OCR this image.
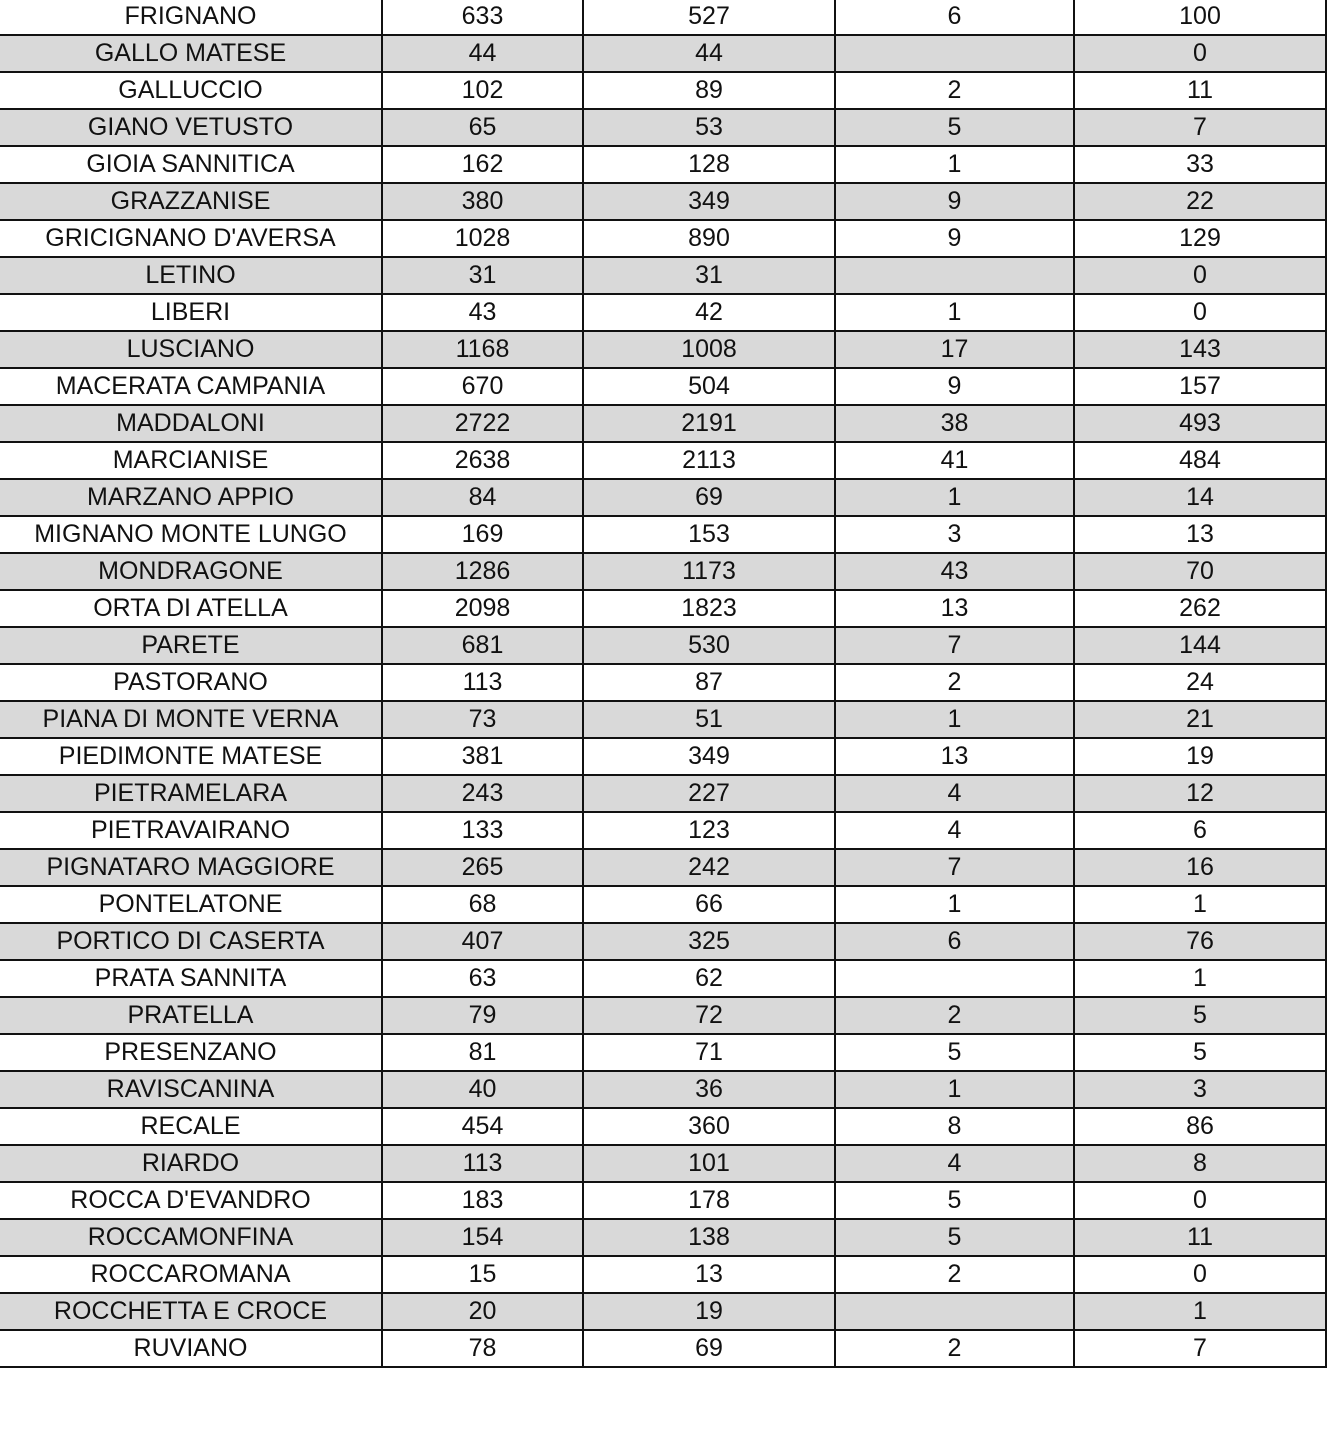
FRIGNANO	633	527	6	100
GALLO MATESE	44	44		0
GALLUCCIO	102	89	2	11
GIANO VETUSTO	65	53	5	7
GIOIA SANNITICA	162	128	1	33
GRAZZANISE	380	349	9	22
GRICIGNANO D'AVERSA	1028	890	9	129
LETINO	31	31		0
LIBERI	43	42	1	0
LUSCIANO	1168	1008	17	143
MACERATA CAMPANIA	670	504	9	157
MADDALONI	2722	2191	38	493
MARCIANISE	2638	2113	41	484
MARZANO APPIO	84	69	1	14
MIGNANO MONTE LUNGO	169	153	3	13
MONDRAGONE	1286	1173	43	70
ORTA DI ATELLA	2098	1823	13	262
PARETE	681	530	7	144
PASTORANO	113	87	2	24
PIANA DI MONTE VERNA	73	51	1	21
PIEDIMONTE MATESE	381	349	13	19
PIETRAMELARA	243	227	4	12
PIETRAVAIRANO	133	123	4	6
PIGNATARO MAGGIORE	265	242	7	16
PONTELATONE	68	66	1	1
PORTICO DI CASERTA	407	325	6	76
PRATA SANNITA	63	62		1
PRATELLA	79	72	2	5
PRESENZANO	81	71	5	5
RAVISCANINA	40	36	1	3
RECALE	454	360	8	86
RIARDO	113	101	4	8
ROCCA D'EVANDRO	183	178	5	0
ROCCAMONFINA	154	138	5	11
ROCCAROMANA	15	13	2	0
ROCCHETTA E CROCE	20	19		1
RUVIANO	78	69	2	7
